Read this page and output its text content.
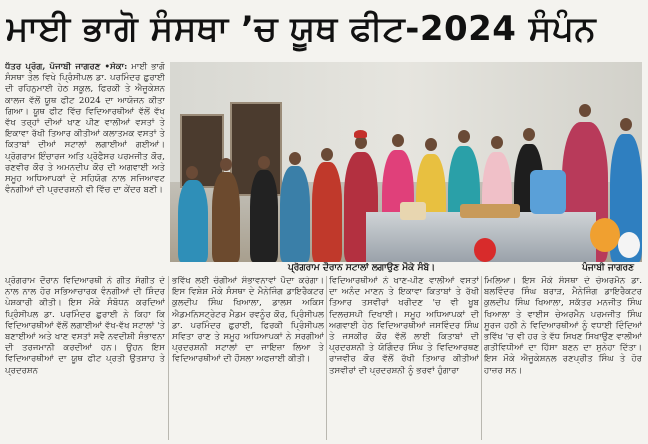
ਮਾਈ ਭਾਗੋ ਸੰਸਥਾ ’ਚ ਯੂਥ ਫੀਟ-2024 ਸੰਪੰਨ
ਧੱਤਰ ਪ੍ਰੋਗ, ਪੰਜਾਬੀ ਜਾਗਰਣ •ਸੇਕਾ: ਮਾਈ ਭਾਗੋ ਸੰਸਥਾ ਤੇਲ ਵਿਖੇ ਪ੍ਰਿੰਸੀਪਲ ਡਾ. ਪਰਮਿੰਦਰ ਛੁਰਾਈ ਦੀ ਰਹਿਨੁਮਾਈ ਹੇਠ ਸਕੂਲ, ਫਿਰਕੀ ਤੇ ਐਜੂਕੇਸ਼ਨ ਕਾਲਜ ਵੱਲੋਂ ਯੂਥ ਫੀਟ 2024 ਦਾ ਆਯੋਜਨ ਕੀਤਾ ਗਿਆ। ਯੂਥ ਫੀਟ ਵਿੱਚ ਵਿਦਿਆਰਥੀਆਂ ਵੱਲੋਂ ਵੱਖ ਵੱਖ ਤਰ੍ਹਾਂ ਦੀਆਂ ਖਾਣ ਪੀਣ ਵਾਲੀਆਂ ਵਸਤਾਂ ਤੇ ਇਕਾਵਾ ਰੱਖੀ ਤਿਆਰ ਕੀਤੀਆਂ ਕਲਾਤਮਕ ਵਸਤਾਂ ਤੇ ਕਿਤਾਬਾਂ ਦੀਆਂ ਸਟਾਲਾਂ ਲਗਾਈਆਂ ਗਈਆਂ। ਪ੍ਰੋਗਰਾਮ ਇੰਚਾਰਜ ਅਤਿ ਪ੍ਰੋਫੈਸਰ ਪਰਮਜੀਤ ਕੌਰ, ਰਣਵੀਰ ਕੌਰ ਤੇ ਅਮਨਦੀਪ ਕੌਰ ਦੀ ਅਗਵਾਈ ਅਤੇ ਸਮੂਹ ਅਧਿਆਪਕਾਂ ਦੇ ਸਹਿਯੋਗ ਨਾਲ ਸਜਿਆਵਟ ਵੰਨਗੀਆਂ ਦੀ ਪ੍ਰਦਰਸ਼ਨੀ ਵੀ ਵਿੱਚ ਦਾ ਕੇਂਦਰ ਬਣੀ।
ਪ੍ਰੋਗਰਾਮ ਦੌਰਾਨ ਸਟਾਲਾਂ ਲਗਾਉਣ ਮੌਕੇ ਸੰਬੋ।	ਪੰਜਾਬੀ ਜਾਗਰਣ
ਪ੍ਰੋਗਰਾਮ ਦੌਰਾਨ ਵਿਦਿਆਰਥੀ ਨੇ ਗੀਤ ਸੰਗੀਤ ਦੇ ਨਾਲ ਨਾਲ ਹੋਰ ਸਭਿਆਚਾਰਕ ਵੰਨਗੀਆਂ ਦੀ ਸ਼ਿੰਦਰ ਪੇਸ਼ਕਾਰੀ ਕੀਤੀ। ਇਸ ਮੌਕੇ ਸੰਬੋਧਨ ਕਰਦਿਆਂ ਪ੍ਰਿੰਸੀਪਲ ਡਾ. ਪਰਮਿੰਦਰ ਛੁਰਾਈ ਨੇ ਕਿਹਾ ਕਿ ਵਿਦਿਆਰਥੀਆਂ ਵੱਲੋਂ ਲਗਾਈਆਂ ਵੱਖ-ਵੱਖ ਸਟਾਲਾਂ 'ਤੇ ਬਣਾਈਆਂ ਅਤੇ ਖਾਣ ਵਸਤਾਂ ਸਵੈ ਨਵਦੀਸ਼ੀ ਸੰਭਾਵਨਾ ਦੀ ਤਰਜਮਾਨੀ ਕਰਦੀਆਂ ਹਨ। ਉਹਨ ਇਸ ਵਿਦਿਆਰਥੀਆਂ ਦਾ ਯੂਥ ਫੀਟ ਪ੍ਰਤੀ ਉਤਸ਼ਾਹ ਤੇ ਪ੍ਰਦਰਸ਼ਨ
ਭਵਿੱਖ ਲਈ ਚੰਗੀਆਂ ਸੰਭਾਵਨਾਵਾਂ ਪੈਦਾ ਕਰੇਗਾ। ਇਸ ਵਿਸ਼ੇਸ਼ ਮੌਕੇ ਸੰਸਥਾ ਦੇ ਮੈਨੇਜਿੰਗ ਡਾਇਰੈਕਟਰ ਕੁਲਦੀਪ ਸਿੰਘ ਖਿਆਲਾ, ਡਾਲਸ ਅਕਿਸ ਐਡਮਨਿਸਟ੍ਰੇਟਰ ਮੈਡਮ ਰਵਨੂੰਰ ਕੌਰ, ਪ੍ਰਿੰਸੀਪਲ ਡਾ. ਪਰਮਿੰਦਰ ਛੁਰਾਈ, ਫਿਰਕੀ ਪ੍ਰਿੰਸੀਪਲ ਸਵਿਤਾ ਰਾਣ ਤੇ ਸਮੂਹ ਅਧਿਆਪਕਾਂ ਨੇ ਸਰਗੀਆਂ ਪ੍ਰਦਰਸ਼ਨੀ ਸਟਾਲਾਂ ਦਾ ਜਾਇਜ਼ਾ ਲਿਆ ਤੇ ਵਿਦਿਆਰਥੀਆਂ ਦੀ ਹੌਸਲਾ ਅਫਜ਼ਾਈ ਕੀਤੀ।
ਵਿਦਿਆਰਥੀਆਂ ਨੇ ਖਾਣ-ਪੀਣ ਵਾਲੀਆਂ ਵਸਤਾਂ ਦਾ ਅਨੰਦ ਮਾਣਨ ਤੇ ਇਕਾਵਾ ਕਿਤਾਬਾਂ ਤੇ ਰੱਖੀ ਤਿਆਰ ਤਸਵੀਰਾਂ ਖਰੀਦਣ 'ਚ ਵੀ ਖੂਬ ਦਿਲਚਸਪੀ ਦਿਖਾਈ। ਸਮੂਹ ਅਧਿਆਪਕਾਂ ਦੀ ਅਗਵਾਈ ਹੇਠ ਵਿਦਿਆਰਥੀਆਂ ਜਸਵਿੰਦਰ ਸਿੰਘ ਤੇ ਜਸਕੀਰ ਕੌਰ ਵੱਲੋਂ ਲਾਈ ਕਿਤਾਬਾਂ ਦੀ ਪ੍ਰਦਰਸ਼ਨੀ ਤੇ ਯੋਗਿੰਦਰ ਸਿੰਘ ਤੇ ਵਿਦਿਆਰਥਣ ਰਾਜਵੀਰ ਕੌਰ ਵੱਲੋਂ ਰੱਖੀ ਤਿਆਰ ਕੀਤੀਆਂ ਤਸਵੀਰਾਂ ਦੀ ਪ੍ਰਦਰਸ਼ਨੀ ਨੂੰ ਭਰਵਾਂ ਹੁੰਗਾਰਾ
ਮਿਲਿਆ। ਇਸ ਮੌਕੇ ਸੰਸਥਾ ਦੇ ਚੇਅਰਮੈਨ ਡਾ. ਬਲਵਿੰਦਰ ਸਿੰਘ ਬਰਾੜ, ਮੈਨੇਜਿੰਗ ਡਾਇਰੈਕਟਰ ਕੁਲਦੀਪ ਸਿੰਘ ਖਿਆਲਾ, ਸਕੱਤਰ ਮਨਜੀਤ ਸਿੰਘ ਖਿਆਲਾ ਤੇ ਵਾਈਸ ਚੇਅਰਮੈਨ ਪਰਮਜੀਤ ਸਿੰਘ ਸੂਰਜ ਹਠੀ ਨੇ ਵਿਦਿਆਰਥੀਆਂ ਨੂੰ ਵਧਾਈ ਦਿੰਦਿਆਂ ਭਵਿੱਖ 'ਚ ਵੀ ਹਰ ਤੇ ਵੱਧ ਸਿਖਣ ਸਿਖਾਉਣ ਵਾਲੀਆਂ ਗਤੀਵਿਧੀਆਂ ਦਾ ਹਿੱਸਾ ਬਣਨ ਦਾ ਸੁਨੇਹਾ ਦਿੱਤਾ। ਇਸ ਮੌਕੇ ਐਜੂਕੇਸ਼ਨਲ ਰਣਪ੍ਰੀਤ ਸਿੰਘ ਤੇ ਹੋਰ ਹਾਜ਼ਰ ਸਨ।
